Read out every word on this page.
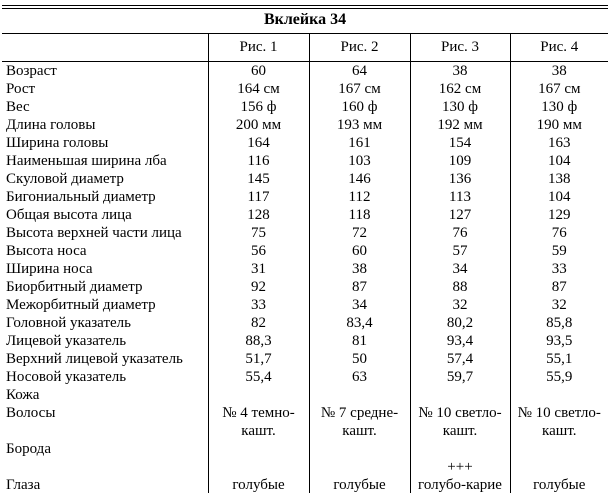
Вклейка 34				
	Рис. 1	Рис. 2	Рис. 3	Рис. 4
Возраст	60	64	38	38
Рост	164 см	167 см	162 см	167 см
Вес	156 ф	160 ф	130 ф	130 ф
Длина головы	200 мм	193 мм	192 мм	190 мм
Ширина головы	164	161	154	163
Наименьшая ширина лба	116	103	109	104
Скуловой диаметр	145	146	136	138
Бигониальный диаметр	117	112	113	104
Общая высота лица	128	118	127	129
Высота верхней части лица	75	72	76	76
Высота носа	56	60	57	59
Ширина носа	31	38	34	33
Биорбитный диаметр	92	87	88	87
Межорбитный диаметр	33	34	32	32
Головной указатель	82	83,4	80,2	85,8
Лицевой указатель	88,3	81	93,4	93,5
Верхний лицевой указатель	51,7	50	57,4	55,1
Носовой указатель	55,4	63	59,7	55,9
Кожа				
Волосы	№ 4 темно-кашт.	№ 7 средне-кашт.	№ 10 светло-кашт.	№ 10 светло-кашт.
Борода				
			+++	
Глаза	голубые	голубые	голубо-карие	голубые
